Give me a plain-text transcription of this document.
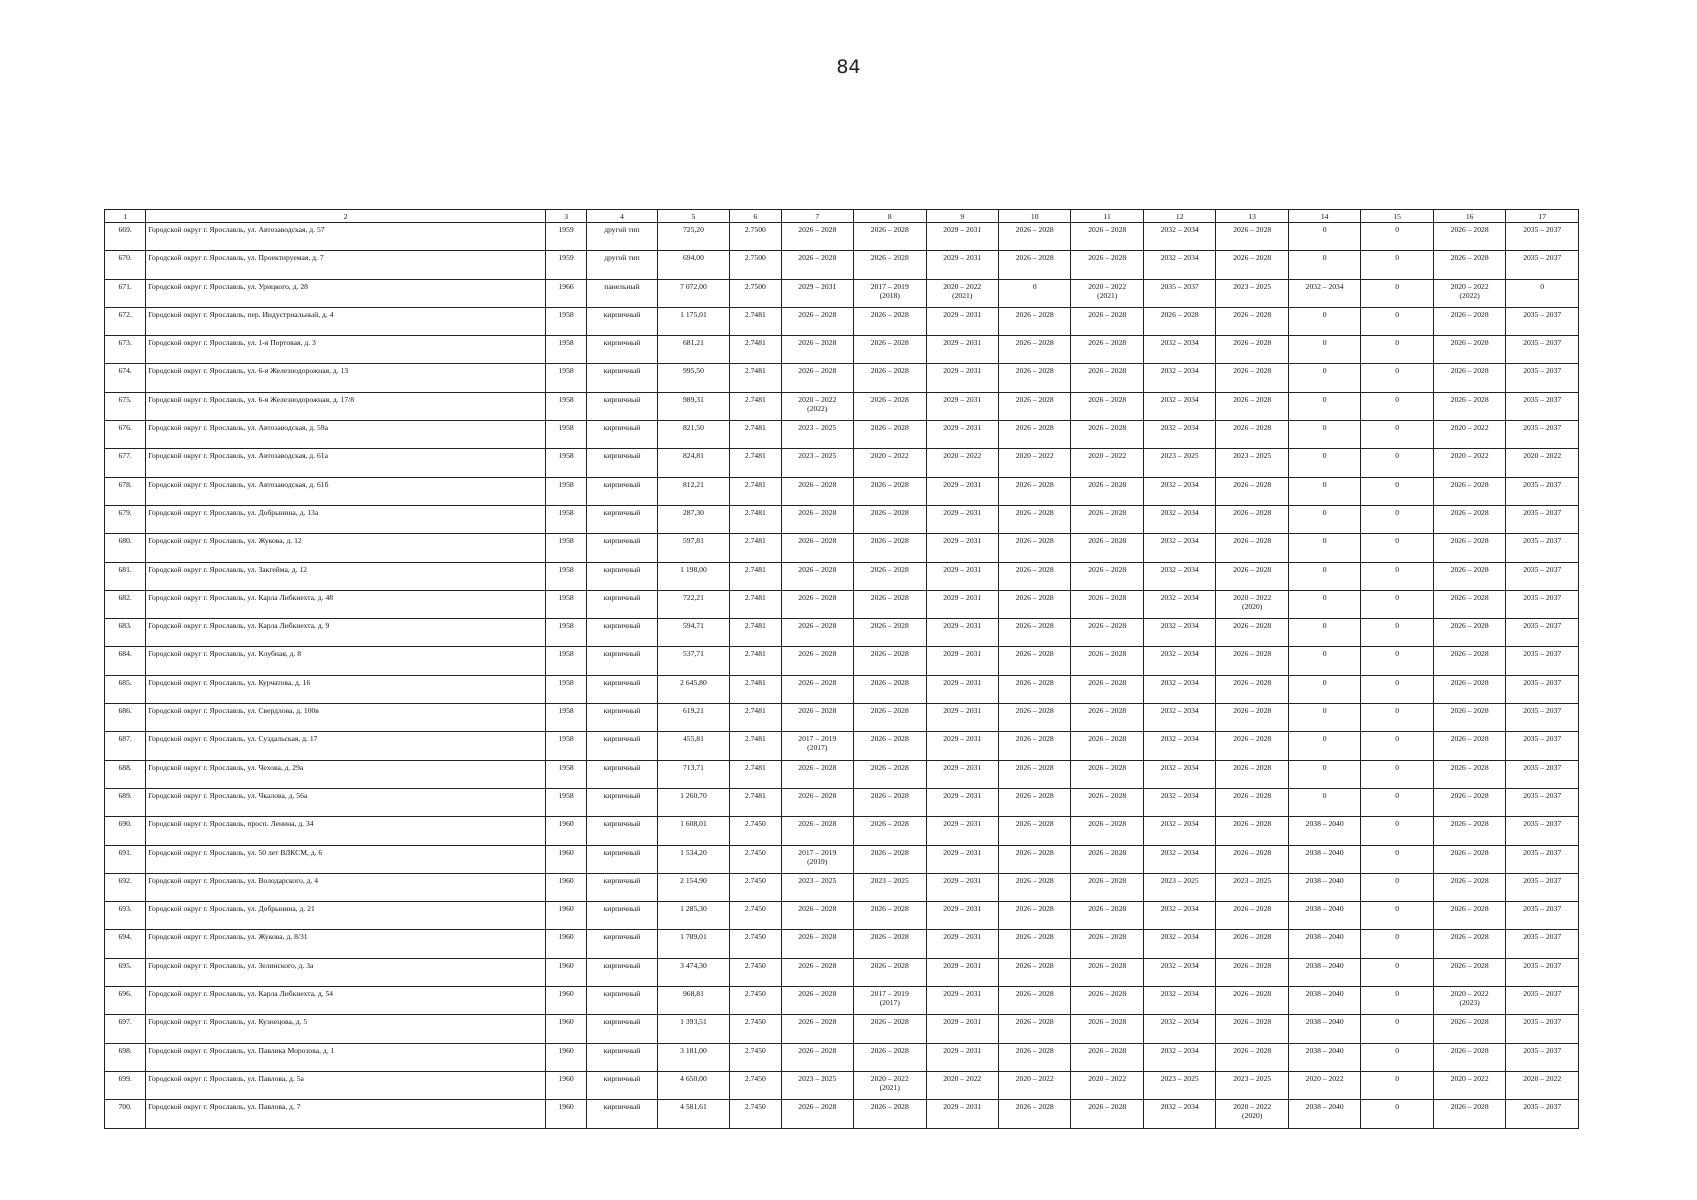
84
1	2	3	4	5	6	7	8	9	10	11	12	13	14	15	16	17

669.	Городской округ г. Ярославль, ул. Автозаводская, д. 57	1959	другой тип	725,20	2.7500	2026 – 2028	2026 – 2028	2029 – 2031	2026 – 2028	2026 – 2028	2032 – 2034	2026 – 2028	0	0	2026 – 2028	2035 – 2037

670.	Городской округ г. Ярославль, ул. Проектируемая, д. 7	1959	другой тип	694,00	2.7500	2026 – 2028	2026 – 2028	2029 – 2031	2026 – 2028	2026 – 2028	2032 – 2034	2026 – 2028	0	0	2026 – 2028	2035 – 2037

671.	Городской округ г. Ярославль, ул. Урицкого, д. 28	1966	панельный	7 072,00	2.7500	2029 – 2031	2017 – 2019
(2018)	2020 – 2022
(2021)	0	2020 – 2022
(2021)	2035 – 2037	2023 – 2025	2032 – 2034	0	2020 – 2022
(2022)	0

672.	Городской округ г. Ярославль, пер. Индустриальный, д. 4	1958	кирпичный	1 175,01	2.7481	2026 – 2028	2026 – 2028	2029 – 2031	2026 – 2028	2026 – 2028	2026 – 2028	2026 – 2028	0	0	2026 – 2028	2035 – 2037

673.	Городской округ г. Ярославль, ул. 1-я Портовая, д. 3	1958	кирпичный	681,21	2.7481	2026 – 2028	2026 – 2028	2029 – 2031	2026 – 2028	2026 – 2028	2032 – 2034	2026 – 2028	0	0	2026 – 2028	2035 – 2037

674.	Городской округ г. Ярославль, ул. 6-я Железнодорожная, д. 13	1958	кирпичный	995,50	2.7481	2026 – 2028	2026 – 2028	2029 – 2031	2026 – 2028	2026 – 2028	2032 – 2034	2026 – 2028	0	0	2026 – 2028	2035 – 2037

675.	Городской округ г. Ярославль, ул. 6-я Железнодорожная, д. 17/8	1958	кирпичный	989,31	2.7481	2020 – 2022
(2022)	2026 – 2028	2029 – 2031	2026 – 2028	2026 – 2028	2032 – 2034	2026 – 2028	0	0	2026 – 2028	2035 – 2037

676.	Городской округ г. Ярославль, ул. Автозаводская, д. 59а	1958	кирпичный	821,50	2.7481	2023 – 2025	2026 – 2028	2029 – 2031	2026 – 2028	2026 – 2028	2032 – 2034	2026 – 2028	0	0	2020 – 2022	2035 – 2037

677.	Городской округ г. Ярославль, ул. Автозаводская, д. 61а	1958	кирпичный	824,81	2.7481	2023 – 2025	2020 – 2022	2020 – 2022	2020 – 2022	2020 – 2022	2023 – 2025	2023 – 2025	0	0	2020 – 2022	2020 – 2022

678.	Городской округ г. Ярославль, ул. Автозаводская, д. 61б	1958	кирпичный	812,21	2.7481	2026 – 2028	2026 – 2028	2029 – 2031	2026 – 2028	2026 – 2028	2032 – 2034	2026 – 2028	0	0	2026 – 2028	2035 – 2037

679.	Городской округ г. Ярославль, ул. Добрынина, д. 13а	1958	кирпичный	287,30	2.7481	2026 – 2028	2026 – 2028	2029 – 2031	2026 – 2028	2026 – 2028	2032 – 2034	2026 – 2028	0	0	2026 – 2028	2035 – 2037

680.	Городской округ г. Ярославль, ул. Жукова, д. 12	1958	кирпичный	597,81	2.7481	2026 – 2028	2026 – 2028	2029 – 2031	2026 – 2028	2026 – 2028	2032 – 2034	2026 – 2028	0	0	2026 – 2028	2035 – 2037

681.	Городской округ г. Ярославль, ул. Закгейма, д. 12	1958	кирпичный	1 198,00	2.7481	2026 – 2028	2026 – 2028	2029 – 2031	2026 – 2028	2026 – 2028	2032 – 2034	2026 – 2028	0	0	2026 – 2028	2035 – 2037

682.	Городской округ г. Ярославль, ул. Карла Либкнехта, д. 48	1958	кирпичный	722,21	2.7481	2026 – 2028	2026 – 2028	2029 – 2031	2026 – 2028	2026 – 2028	2032 – 2034	2020 – 2022
(2020)	0	0	2026 – 2028	2035 – 2037

683.	Городской округ г. Ярославль, ул. Карла Либкнехта, д. 9	1958	кирпичный	594,71	2.7481	2026 – 2028	2026 – 2028	2029 – 2031	2026 – 2028	2026 – 2028	2032 – 2034	2026 – 2028	0	0	2026 – 2028	2035 – 2037

684.	Городской округ г. Ярославль, ул. Клубная, д. 8	1958	кирпичный	537,71	2.7481	2026 – 2028	2026 – 2028	2029 – 2031	2026 – 2028	2026 – 2028	2032 – 2034	2026 – 2028	0	0	2026 – 2028	2035 – 2037

685.	Городской округ г. Ярославль, ул. Курчатова, д. 16	1958	кирпичный	2 645,80	2.7481	2026 – 2028	2026 – 2028	2029 – 2031	2026 – 2028	2026 – 2028	2032 – 2034	2026 – 2028	0	0	2026 – 2028	2035 – 2037

686.	Городской округ г. Ярославль, ул. Свердлова, д. 100в	1958	кирпичный	619,21	2.7481	2026 – 2028	2026 – 2028	2029 – 2031	2026 – 2028	2026 – 2028	2032 – 2034	2026 – 2028	0	0	2026 – 2028	2035 – 2037

687.	Городской округ г. Ярославль, ул. Суздальская, д. 17	1958	кирпичный	455,81	2.7481	2017 – 2019
(2017)	2026 – 2028	2029 – 2031	2026 – 2028	2026 – 2028	2032 – 2034	2026 – 2028	0	0	2026 – 2028	2035 – 2037

688.	Городской округ г. Ярославль, ул. Чехова, д. 29а	1958	кирпичный	713,71	2.7481	2026 – 2028	2026 – 2028	2029 – 2031	2026 – 2028	2026 – 2028	2032 – 2034	2026 – 2028	0	0	2026 – 2028	2035 – 2037

689.	Городской округ г. Ярославль, ул. Чкалова, д. 56а	1958	кирпичный	1 260,70	2.7481	2026 – 2028	2026 – 2028	2029 – 2031	2026 – 2028	2026 – 2028	2032 – 2034	2026 – 2028	0	0	2026 – 2028	2035 – 2037

690.	Городской округ г. Ярославль, просп. Ленина, д. 34	1960	кирпичный	1 608,01	2.7450	2026 – 2028	2026 – 2028	2029 – 2031	2026 – 2028	2026 – 2028	2032 – 2034	2026 – 2028	2038 – 2040	0	2026 – 2028	2035 – 2037

691.	Городской округ г. Ярославль, ул. 50 лет ВЛКСМ, д. 6	1960	кирпичный	1 534,20	2.7450	2017 – 2019
(2019)	2026 – 2028	2029 – 2031	2026 – 2028	2026 – 2028	2032 – 2034	2026 – 2028	2038 – 2040	0	2026 – 2028	2035 – 2037

692.	Городской округ г. Ярославль, ул. Володарского, д. 4	1960	кирпичный	2 154,90	2.7450	2023 – 2025	2023 – 2025	2029 – 2031	2026 – 2028	2026 – 2028	2023 – 2025	2023 – 2025	2038 – 2040	0	2026 – 2028	2035 – 2037

693.	Городской округ г. Ярославль, ул. Добрынина, д. 21	1960	кирпичный	1 285,30	2.7450	2026 – 2028	2026 – 2028	2029 – 2031	2026 – 2028	2026 – 2028	2032 – 2034	2026 – 2028	2038 – 2040	0	2026 – 2028	2035 – 2037

694.	Городской округ г. Ярославль, ул. Жукова, д. 8/31	1960	кирпичный	1 789,01	2.7450	2026 – 2028	2026 – 2028	2029 – 2031	2026 – 2028	2026 – 2028	2032 – 2034	2026 – 2028	2038 – 2040	0	2026 – 2028	2035 – 2037

695.	Городской округ г. Ярославль, ул. Зелинского, д. 3а	1960	кирпичный	3 474,30	2.7450	2026 – 2028	2026 – 2028	2029 – 2031	2026 – 2028	2026 – 2028	2032 – 2034	2026 – 2028	2038 – 2040	0	2026 – 2028	2035 – 2037

696.	Городской округ г. Ярославль, ул. Карла Либкнехта, д. 54	1960	кирпичный	968,81	2.7450	2026 – 2028	2017 – 2019
(2017)	2029 – 2031	2026 – 2028	2026 – 2028	2032 – 2034	2026 – 2028	2038 – 2040	0	2020 – 2022
(2023)	2035 – 2037

697.	Городской округ г. Ярославль, ул. Кузнецова, д. 5	1960	кирпичный	1 393,51	2.7450	2026 – 2028	2026 – 2028	2029 – 2031	2026 – 2028	2026 – 2028	2032 – 2034	2026 – 2028	2038 – 2040	0	2026 – 2028	2035 – 2037

698.	Городской округ г. Ярославль, ул. Павлика Морозова, д. 1	1960	кирпичный	3 181,00	2.7450	2026 – 2028	2026 – 2028	2029 – 2031	2026 – 2028	2026 – 2028	2032 – 2034	2026 – 2028	2038 – 2040	0	2026 – 2028	2035 – 2037

699.	Городской округ г. Ярославль, ул. Павлова, д. 5а	1960	кирпичный	4 650,00	2.7450	2023 – 2025	2020 – 2022
(2021)	2020 – 2022	2020 – 2022	2020 – 2022	2023 – 2025	2023 – 2025	2020 – 2022	0	2020 – 2022	2020 – 2022

700.	Городской округ г. Ярославль, ул. Павлова, д. 7	1960	кирпичный	4 581,61	2.7450	2026 – 2028	2026 – 2028	2029 – 2031	2026 – 2028	2026 – 2028	2032 – 2034	2020 – 2022
(2020)	2038 – 2040	0	2026 – 2028	2035 – 2037
